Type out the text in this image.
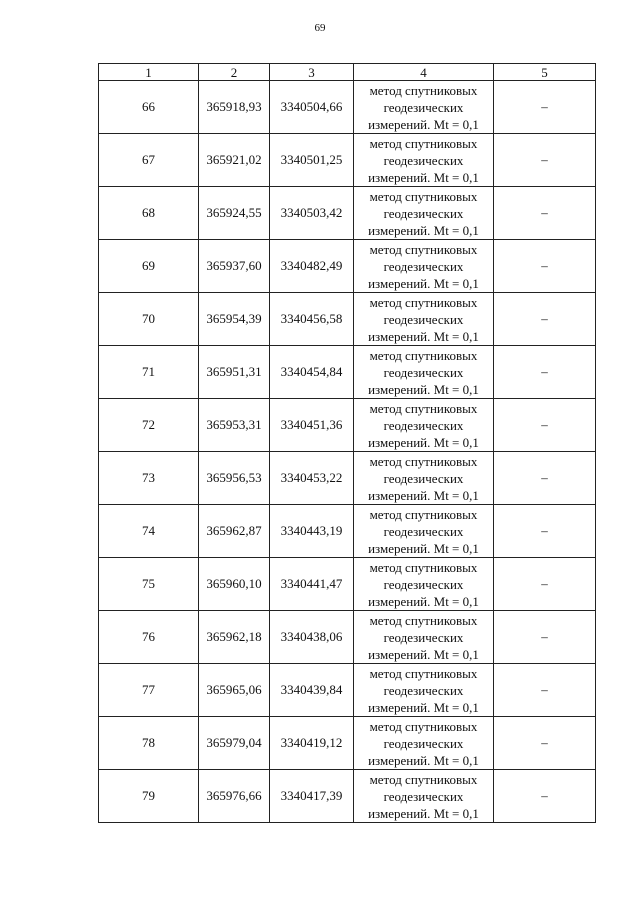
69
1	2	3	4	5
66	365918,93	3340504,66	метод спутниковых
геодезических
измерений. Mt = 0,1	–
67	365921,02	3340501,25	метод спутниковых
геодезических
измерений. Mt = 0,1	–
68	365924,55	3340503,42	метод спутниковых
геодезических
измерений. Mt = 0,1	–
69	365937,60	3340482,49	метод спутниковых
геодезических
измерений. Mt = 0,1	–
70	365954,39	3340456,58	метод спутниковых
геодезических
измерений. Mt = 0,1	–
71	365951,31	3340454,84	метод спутниковых
геодезических
измерений. Mt = 0,1	–
72	365953,31	3340451,36	метод спутниковых
геодезических
измерений. Mt = 0,1	–
73	365956,53	3340453,22	метод спутниковых
геодезических
измерений. Mt = 0,1	–
74	365962,87	3340443,19	метод спутниковых
геодезических
измерений. Mt = 0,1	–
75	365960,10	3340441,47	метод спутниковых
геодезических
измерений. Mt = 0,1	–
76	365962,18	3340438,06	метод спутниковых
геодезических
измерений. Mt = 0,1	–
77	365965,06	3340439,84	метод спутниковых
геодезических
измерений. Mt = 0,1	–
78	365979,04	3340419,12	метод спутниковых
геодезических
измерений. Mt = 0,1	–
79	365976,66	3340417,39	метод спутниковых
геодезических
измерений. Mt = 0,1	–
